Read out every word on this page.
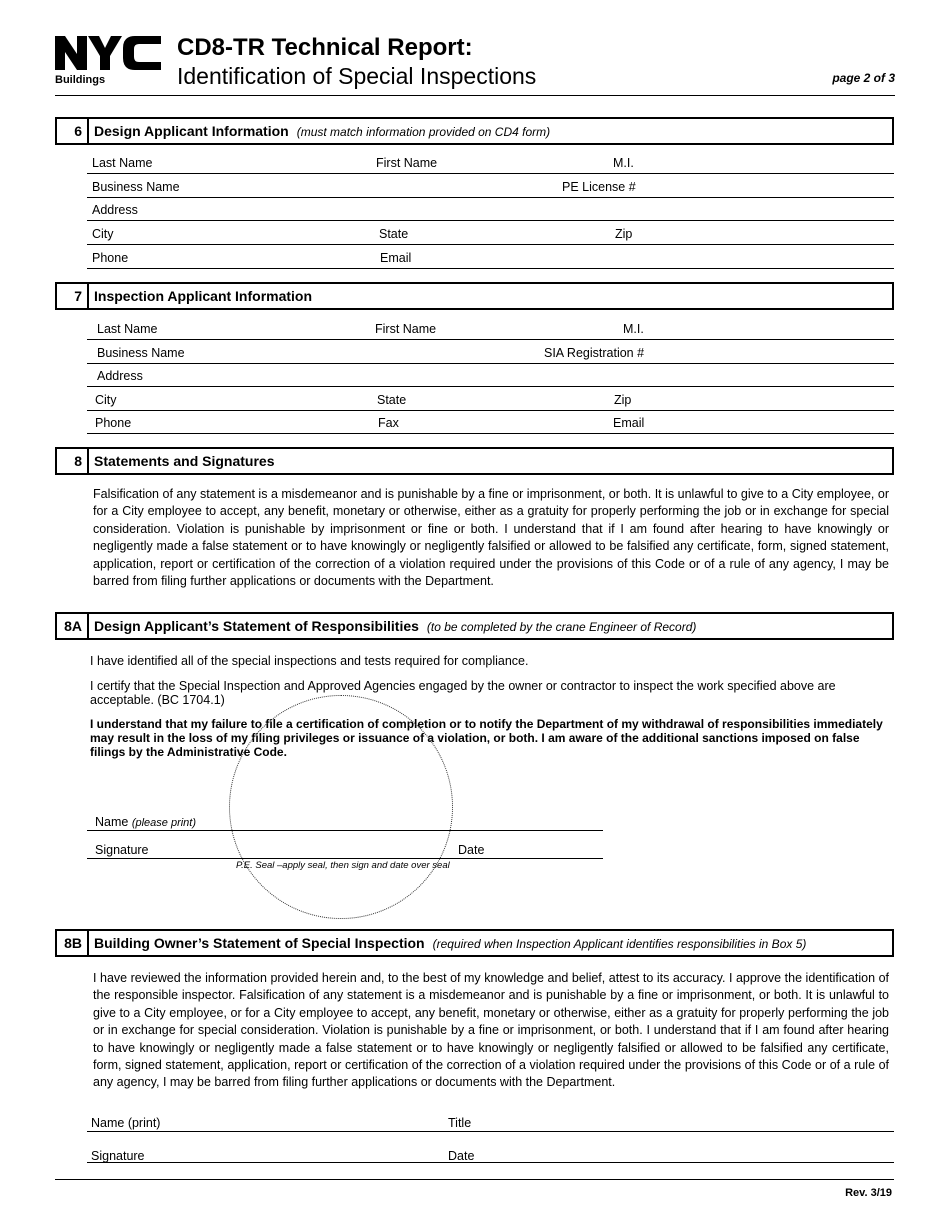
Buildings
CD8-TR Technical Report:
Identification of Special Inspections	page 2 of 3
6 Design Applicant Information (must match information provided on CD4 form)
Last Name	First Name	M.I.
Business Name	PE License #
Address
City	State	Zip
Phone	Email
7 Inspection Applicant Information
Last Name	First Name	M.I.
Business Name	SIA Registration #
Address
City	State	Zip
Phone	Fax	Email
8 Statements and Signatures
Falsification of any statement is a misdemeanor and is punishable by a fine or imprisonment, or both. It is unlawful to give to a City employee, or for a City employee to accept, any benefit, monetary or otherwise, either as a gratuity for properly performing the job or in exchange for special consideration. Violation is punishable by imprisonment or fine or both. I understand that if I am found after hearing to have knowingly or negligently made a false statement or to have knowingly or negligently falsified or allowed to be falsified any certificate, form, signed statement, application, report or certification of the correction of a violation required under the provisions of this Code or of a rule of any agency, I may be barred from filing further applications or documents with the Department.
8A Design Applicant’s Statement of Responsibilities (to be completed by the crane Engineer of Record)
I have identified all of the special inspections and tests required for compliance.
I certify that the Special Inspection and Approved Agencies engaged by the owner or contractor to inspect the work specified above are acceptable. (BC 1704.1)
I understand that my failure to file a certification of completion or to notify the Department of my withdrawal of responsibilities immediately may result in the loss of my filing privileges or issuance of a violation, or both. I am aware of the additional sanctions imposed on false filings by the Administrative Code.
Name (please print)
Signature	Date
P.E. Seal –apply seal, then sign and date over seal
8B Building Owner’s Statement of Special Inspection (required when Inspection Applicant identifies responsibilities in Box 5)
I have reviewed the information provided herein and, to the best of my knowledge and belief, attest to its accuracy. I approve the identification of the responsible inspector. Falsification of any statement is a misdemeanor and is punishable by a fine or imprisonment, or both. It is unlawful to give to a City employee, or for a City employee to accept, any benefit, monetary or otherwise, either as a gratuity for properly performing the job or in exchange for special consideration. Violation is punishable by a fine or imprisonment, or both. I understand that if I am found after hearing to have knowingly or negligently made a false statement or to have knowingly or negligently falsified or allowed to be falsified any certificate, form, signed statement, application, report or certification of the correction of a violation required under the provisions of this Code or of a rule of any agency, I may be barred from filing further applications or documents with the Department.
Name (print)	Title
Signature	Date
Rev. 3/19
